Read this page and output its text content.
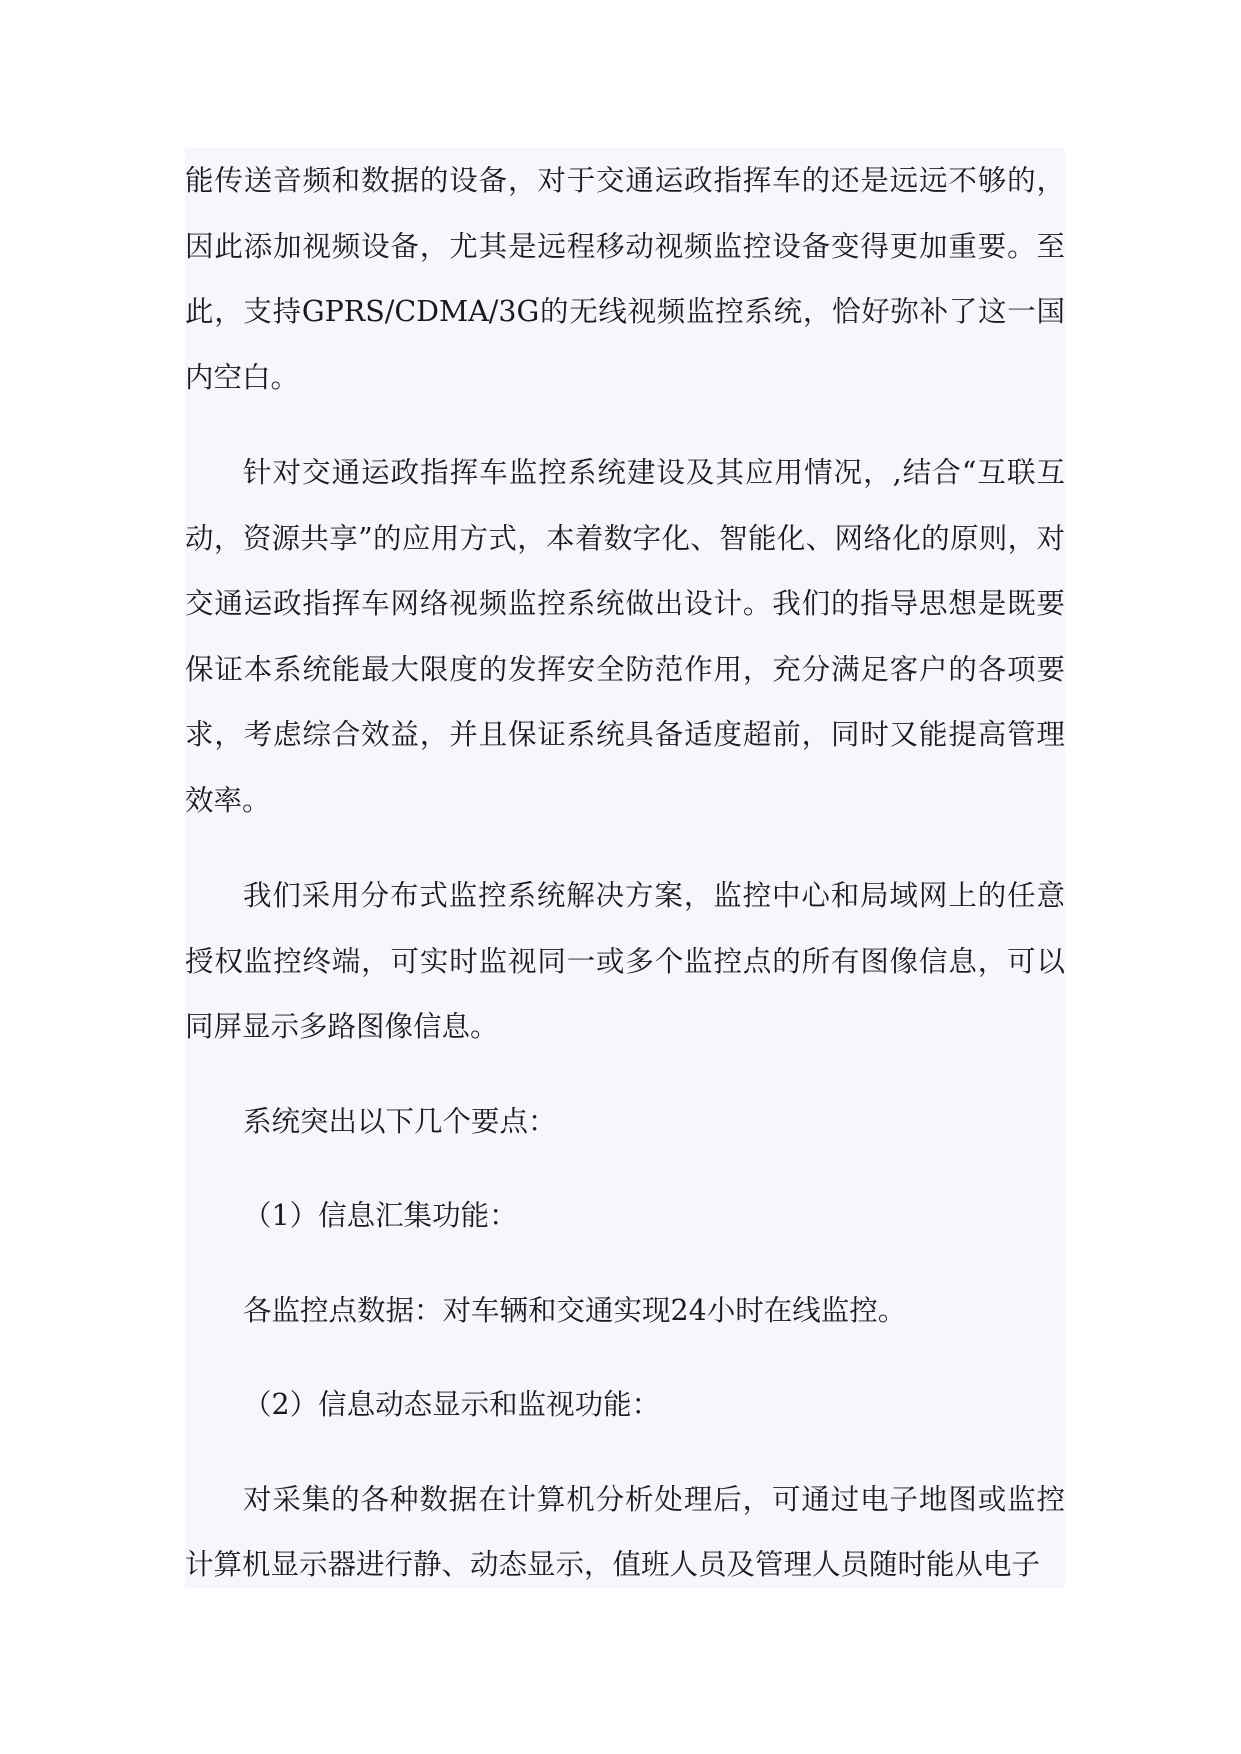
能传送音频和数据的设备，对于交通运政指挥车的还是远远不够的，因此添加视频设备，尤其是远程移动视频监控设备变得更加重要。至此，支持GPRS/CDMA/3G的无线视频监控系统，恰好弥补了这一国内空白。

针对交通运政指挥车监控系统建设及其应用情况，,结合“互联互动，资源共享”的应用方式，本着数字化、智能化、网络化的原则，对交通运政指挥车网络视频监控系统做出设计。我们的指导思想是既要保证本系统能最大限度的发挥安全防范作用，充分满足客户的各项要求，考虑综合效益，并且保证系统具备适度超前，同时又能提高管理效率。

我们采用分布式监控系统解决方案，监控中心和局域网上的任意授权监控终端，可实时监视同一或多个监控点的所有图像信息，可以同屏显示多路图像信息。

系统突出以下几个要点：

（1）信息汇集功能：

各监控点数据：对车辆和交通实现24小时在线监控。

（2）信息动态显示和监视功能：

对采集的各种数据在计算机分析处理后，可通过电子地图或监控计算机显示器进行静、动态显示，值班人员及管理人员随时能从电子
